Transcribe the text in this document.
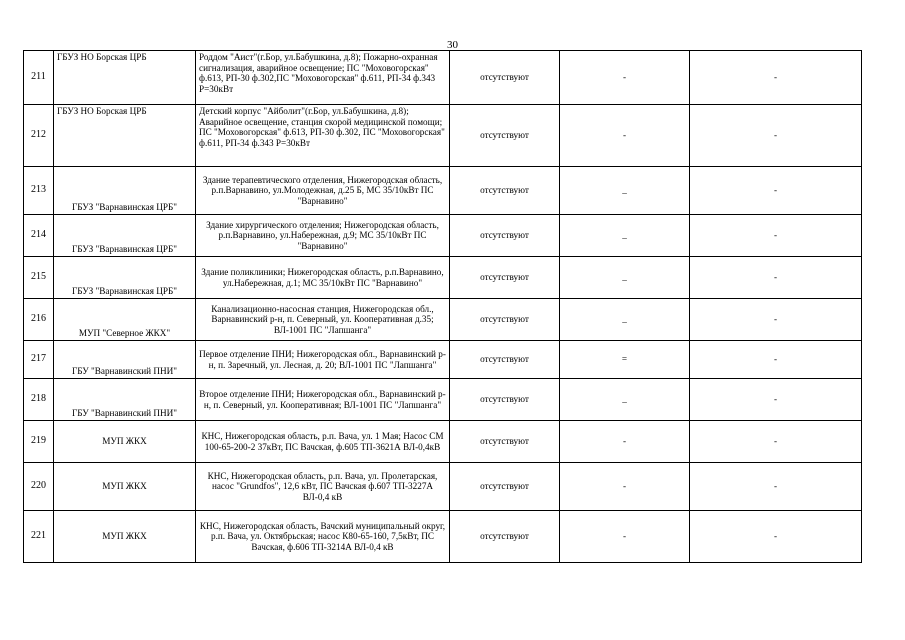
30
211	ГБУЗ НО Борская ЦРБ	Роддом "Аист"(г.Бор, ул.Бабушкина, д.8); Пожарно-охранная сигнализация, аварийное освещение; ПС "Моховогорская" ф.613, РП-30 ф.302,ПС "Моховогорская" ф.611, РП-34 ф.343 Р=30кВт	отсутствуют	-	-
212	ГБУЗ НО Борская ЦРБ	Детский корпус "Айболит"(г.Бор, ул.Бабушкина, д.8); Аварийное освещение, станция скорой медицинской помощи; ПС "Моховогорская" ф.613, РП-30 ф.302, ПС "Моховогорская" ф.611, РП-34 ф.343 Р=30кВт	отсутствуют	-	-
213	ГБУЗ "Варнавинская ЦРБ"	Здание терапевтического отделения, Нижегородская область, р.п.Варнавино, ул.Молодежная, д.25 Б, МС 35/10кВт ПС "Варнавино"	отсутствуют	_	-
214	ГБУЗ "Варнавинская ЦРБ"	Здание хирургического отделения; Нижегородская область, р.п.Варнавино, ул.Набережная, д.9; МС 35/10кВт ПС "Варнавино"	отсутствуют	_	-
215	ГБУЗ "Варнавинская ЦРБ"	Здание поликлиники; Нижегородская область, р.п.Варнавино, ул.Набережная, д.1; МС 35/10кВт ПС "Варнавино"	отсутствуют	_	-
216	МУП "Северное ЖКХ"	Канализационно-насосная станция, Нижегородская обл., Варнавинский р-н, п. Северный, ул. Кооперативная д.35; ВЛ-1001 ПС "Лапшанга"	отсутствуют	_	-
217	ГБУ "Варнавинский ПНИ"	Первое отделение ПНИ; Нижегородская обл., Варнавинский р-н, п. Заречный, ул. Лесная, д. 20; ВЛ-1001 ПС "Лапшанга"	отсутствуют	=	-
218	ГБУ "Варнавинский ПНИ"	Второе отделение ПНИ; Нижегородская обл., Варнавинский р-н, п. Северный, ул. Кооперативная; ВЛ-1001 ПС "Лапшанга"	отсутствуют	_	-
219	МУП ЖКХ	КНС, Нижегородская область, р.п. Вача, ул. 1 Мая; Насос СМ 100-65-200-2 37кВт, ПС Вачская, ф.605 ТП-3621А ВЛ-0,4кВ	отсутствуют	-	-
220	МУП ЖКХ	КНС, Нижегородская область, р.п. Вача, ул. Пролетарская, насос "Grundfos", 12,6 кВт, ПС Вачская ф.607 ТП-3227А ВЛ-0,4 кВ	отсутствуют	-	-
221	МУП ЖКХ	КНС, Нижегородская область, Вачский муниципальный округ, р.п. Вача, ул. Октябрьская; насос К80-65-160, 7,5кВт, ПС Вачская, ф.606 ТП-3214А ВЛ-0,4 кВ	отсутствуют	-	-
